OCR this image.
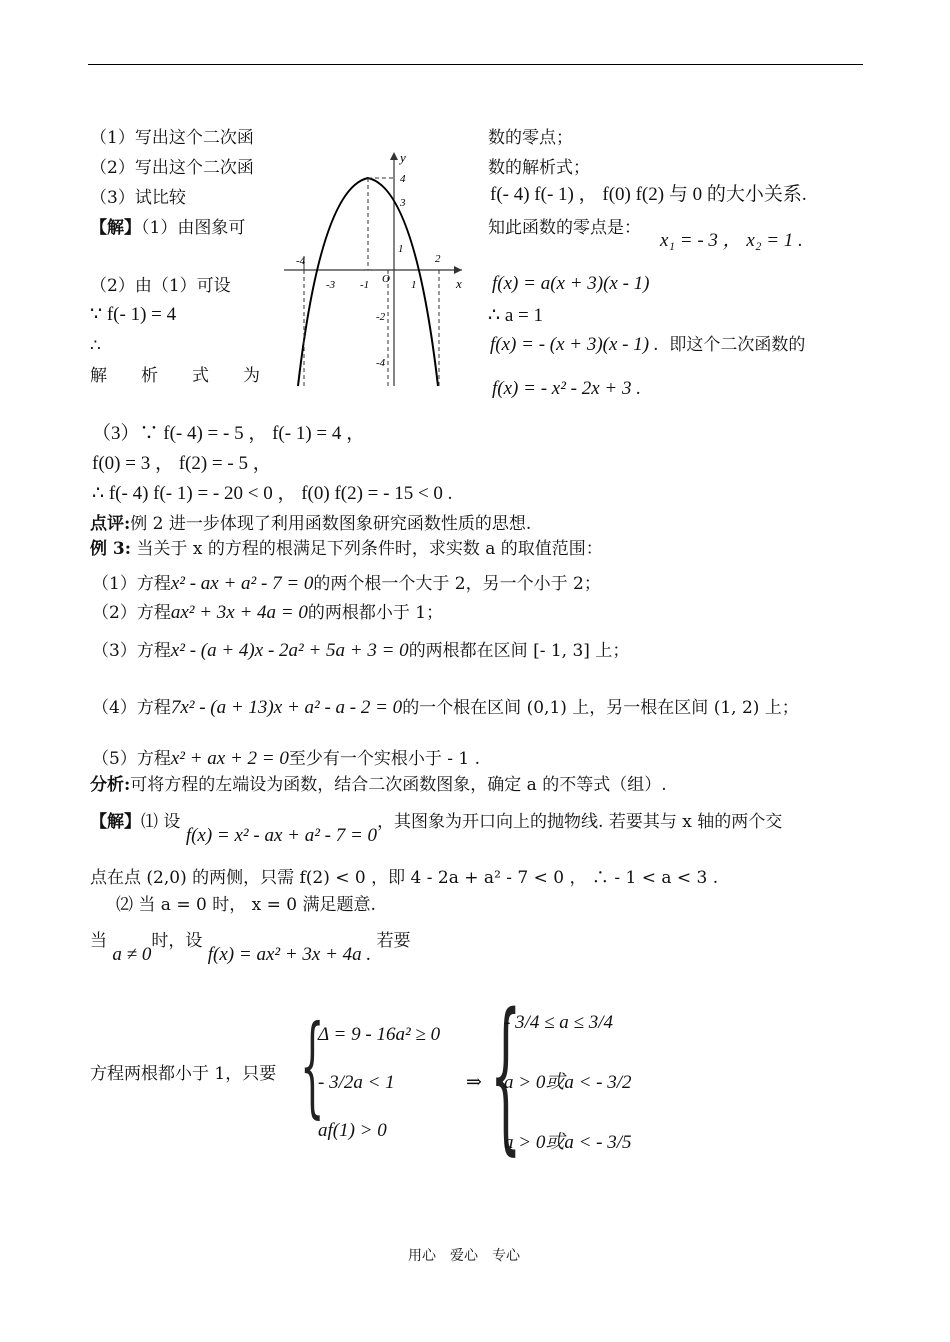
（1）写出这个二次函
（2）写出这个二次函
（3）试比较
【解】（1）由图象可
（2）由（1）可设
∵ f(- 1) = 4
∴
解　　析　　式　　为
-4
-3 -1 O 1
2
4
3
1
-2
-4
x
y
数的零点；
数的解析式；
f(- 4) f(- 1) ， f(0) f(2) 与 0 的大小关系.
知此函数的零点是：
x₁ = - 3 ， x₂ = 1 .
f(x) = a(x + 3)(x - 1)
∴ a = 1
f(x) = - (x + 3)(x - 1) . 即这个二次函数的
f(x) = - x² - 2x + 3 .
（3）∵ f(- 4) = - 5 ， f(- 1) = 4 ，
f(0) = 3 ， f(2) = - 5 ，
∴ f(- 4) f(- 1) = - 20 < 0 ， f(0) f(2) = - 15 < 0 .
点评:例 2 进一步体现了利用函数图象研究函数性质的思想.
例 3: 当关于 x 的方程的根满足下列条件时，求实数 a 的取值范围：
（1）方程x² - ax + a² - 7 = 0的两个根一个大于 2，另一个小于 2；
（2）方程ax² + 3x + 4a = 0的两根都小于 1；
（3）方程x² - (a + 4)x - 2a² + 5a + 3 = 0的两根都在区间 [- 1, 3] 上；
（4）方程7x² - (a + 13)x + a² - a - 2 = 0的一个根在区间 (0,1) 上，另一根在区间 (1, 2) 上；
（5）方程x² + ax + 2 = 0至少有一个实根小于 - 1 .
分析:可将方程的左端设为函数，结合二次函数图象，确定 a 的不等式（组）.
【解】⑴ 设 f(x) = x² - ax + a² - 7 = 0，其图象为开口向上的抛物线. 若要其与 x 轴的两个交
点在点 (2,0) 的两侧，只需 f(2) < 0 ，即 4 - 2a + a² - 7 < 0 ， ∴ - 1 < a < 3 .
⑵ 当 a = 0 时， x = 0 满足题意.
当 a ≠ 0时，设 f(x) = ax² + 3x + 4a . 若要
方程两根都小于 1，只要 {
Δ = 9 - 16a² ≥ 0
- 3/2a < 1
af(1) > 0
⇒ {
- 3/4 ≤ a ≤ 3/4
a > 0或a < - 3/2
a > 0或a < - 3/5
用心　爱心　专心
